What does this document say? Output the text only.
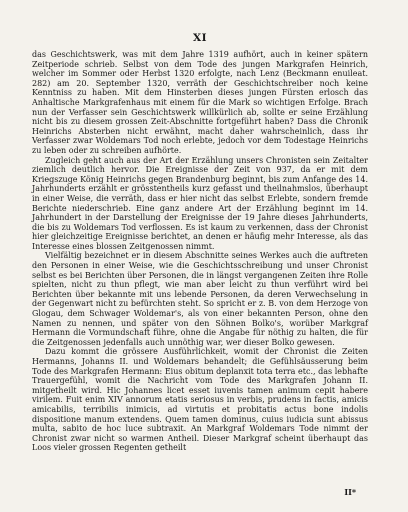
XI

das Geschichtswerk, was mit dem Jahre 1319 aufhört, auch in keiner spätern Zeitperiode schrieb. Selbst von dem Tode des jungen Markgrafen Heinrich, welcher im Sommer oder Herbst 1320 erfolgte, nach Lenz (Beckmann enuileat. 282) am 20. September 1320, verräth der Geschichtschreiber noch keine Kenntniss zu haben. Mit dem Hinsterben dieses jungen Fürsten erlosch das Anhaltische Markgrafenhaus mit einem für die Mark so wichtigen Erfolge. Brach nun der Verfasser sein Geschichtswerk willkürlich ab, sollte er seine Erzählung nicht bis zu diesem grossen Zeit-Abschnitte fortgeführt haben? Dass die Chronik Heinrichs Absterben nicht erwähnt, macht daher wahrscheinlich, dass ihr Verfasser zwar Woldemars Tod noch erlebte, jedoch vor dem Todestage Heinrichs zu leben oder zu schreiben aufhörte.

Zugleich geht auch aus der Art der Erzählung unsers Chronisten sein Zeitalter ziemlich deutlich hervor. Die Ereignisse der Zeit von 937, da er mit dem Kriegszuge König Heinrichs gegen Brandenburg beginnt, bis zum Anfange des 14. Jahrhunderts erzählt er grösstentheils kurz gefasst und theilnahmslos, überhaupt in einer Weise, die verräth, dass er hier nicht das selbst Erlebte, sondern fremde Berichte niederschrieb. Eine ganz andere Art der Erzählung beginnt im 14. Jahrhundert in der Darstellung der Ereignisse der 19 Jahre dieses Jahrhunderts, die bis zu Woldemars Tod verflossen. Es ist kaum zu verkennen, dass der Chronist hier gleichzeitige Ereignisse berichtet, an denen er häufig mehr Interesse, als das Interesse eines blossen Zeitgenossen nimmt.

Vielfältig bezeichnet er in diesem Abschnitte seines Werkes auch die auftreten den Personen in einer Weise, wie die Geschichtsschreibung und unser Chronist selbst es bei Berichten über Personen, die in längst vergangenen Zeiten ihre Rolle spielten, nicht zu thun pflegt, wie man aber leicht zu thun verführt wird bei Berichten über bekannte mit uns lebende Personen, da deren Verwechselung in der Gegenwart nicht zu befürchten steht. So spricht er z. B. von dem Herzoge von Glogau, dem Schwager Woldemar's, als von einer bekannten Person, ohne den Namen zu nennen, und später von den Söhnen Bolko's, worüber Markgraf Hermann die Vormundschaft führe, ohne die Angabe für nöthig zu halten, die für die Zeitgenossen jedenfalls auch unnöthig war, wer dieser Bolko gewesen.

Dazu kommt die grössere Ausführlichkeit, womit der Chronist die Zeiten Hermanns, Johanns II. und Woldemars behandelt; die Gefühlsäusserung beim Tode des Markgrafen Hermann: Eius obitum deplanxit tota terra etc., das lebhafte Trauergefühl, womit die Nachricht vom Tode des Markgrafen Johann II. mitgetheilt wird. Hic Johannes licet esset iuvenis tamen animum cepit habere virilem. Fuit enim XIV annorum etatis seriosus in verbis, prudens in factis, amicis amicabilis, terribilis inimicis, ad virtutis et probitatis actus bone indolis dispositione manum extendens. Quem tamen dominus, cuius iudicia sunt abissus multa, sabito de hoc luce subtraxit. An Markgraf Woldemars Tode nimmt der Chronist zwar nicht so warmen Antheil. Dieser Markgraf scheint überhaupt das Loos vieler grossen Regenten getheilt

II*
